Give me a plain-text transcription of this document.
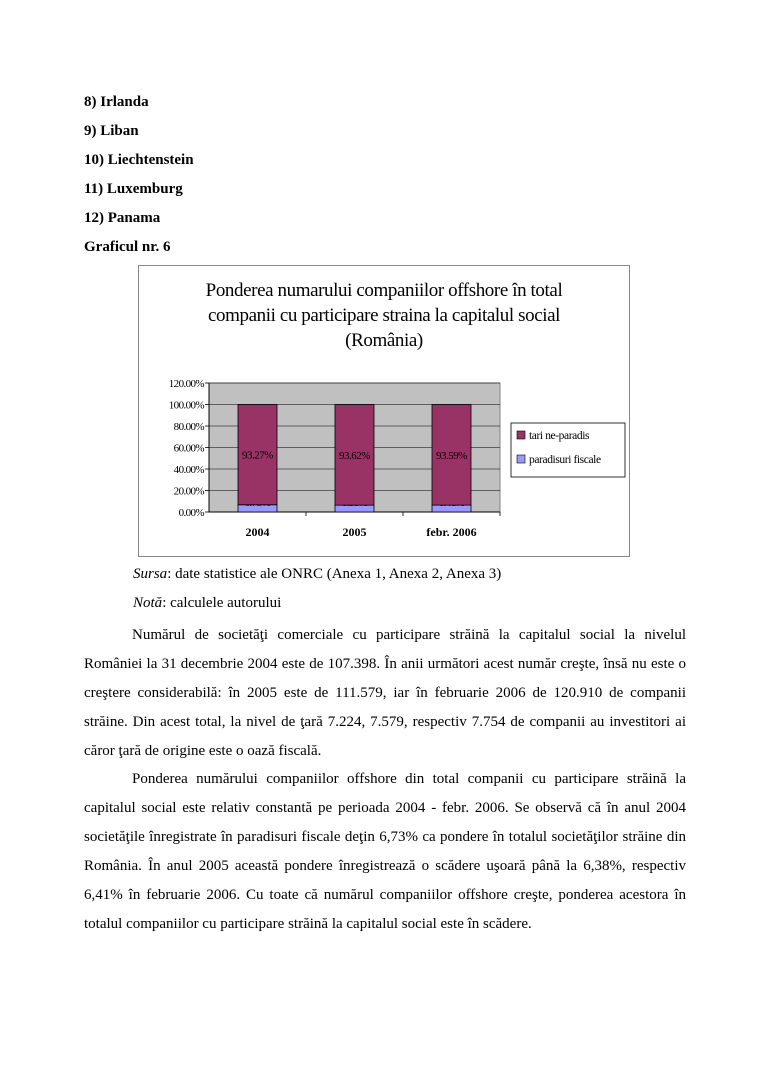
8) Irlanda
9) Liban
10) Liechtenstein
11) Luxemburg
12) Panama
Graficul nr. 6
Ponderea numarului companiilor offshore în total
companii cu participare straina la capitalul social
(România)
0.00%
20.00%
40.00%
60.00%
80.00%
100.00%
120.00%
93.27%
2004
93.62%
2005
93.59%
febr. 2006
tari ne-paradis
paradisuri fiscale
Sursa: date statistice ale ONRC (Anexa 1, Anexa 2, Anexa 3)
Notă: calculele autorului

Numărul de societăţi comerciale cu participare străină la capitalul social la nivelul României la 31 decembrie 2004 este de 107.398. În anii următori acest număr creşte, însă nu este o creştere considerabilă: în 2005 este de 111.579, iar în februarie 2006 de 120.910 de companii străine. Din acest total, la nivel de ţară 7.224, 7.579, respectiv 7.754 de companii au investitori ai căror ţară de origine este o oază fiscală.

Ponderea numărului companiilor offshore din total companii cu participare străină la capitalul social este relativ constantă pe perioada 2004 - febr. 2006. Se observă că în anul 2004 societăţile înregistrate în paradisuri fiscale deţin 6,73% ca pondere în totalul societăţilor străine din România. În anul 2005 această pondere înregistrează o scădere uşoară până la 6,38%, respectiv 6,41% în februarie 2006. Cu toate că numărul companiilor offshore creşte, ponderea acestora în totalul companiilor cu participare străină la capitalul social este în scădere.
